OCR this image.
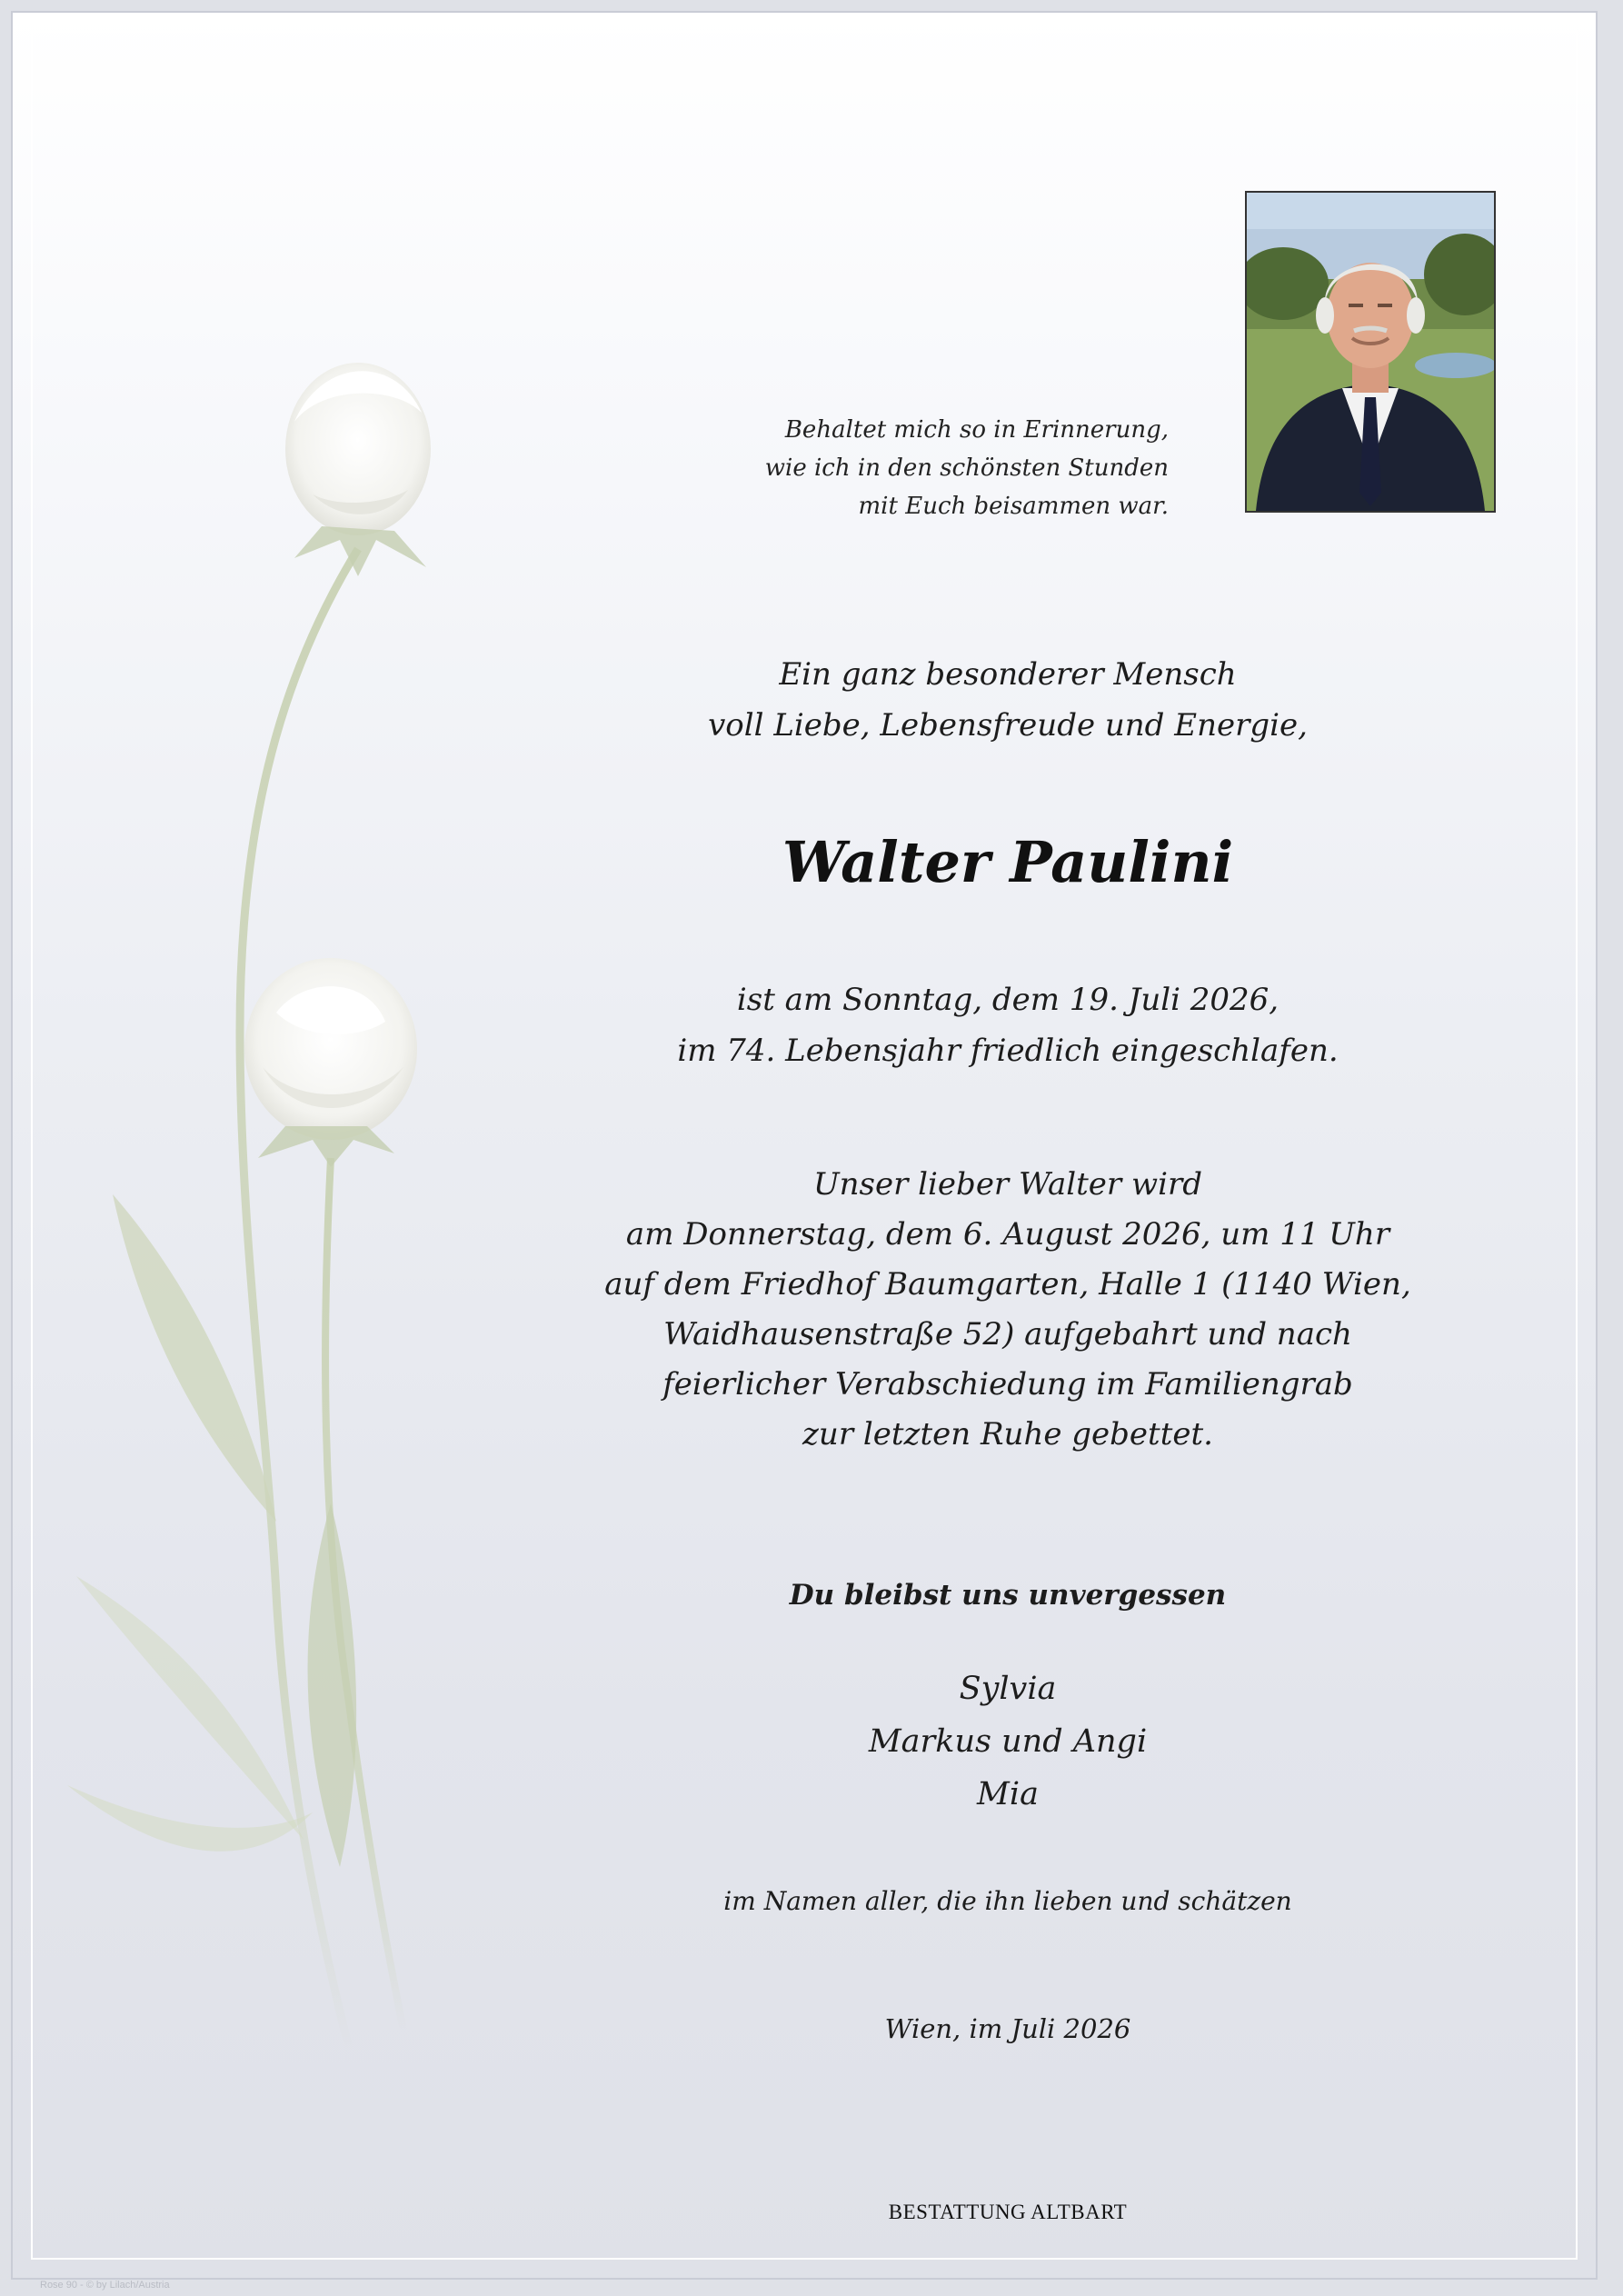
Behaltet mich so in Erinnerung,
wie ich in den schönsten Stunden
mit Euch beisammen war.
Ein ganz besonderer Mensch
voll Liebe, Lebensfreude und Energie,
Walter Paulini
ist am Sonntag, dem 19. Juli 2026,
im 74. Lebensjahr friedlich eingeschlafen.
Unser lieber Walter wird
am Donnerstag, dem 6. August 2026, um 11 Uhr
auf dem Friedhof Baumgarten, Halle 1 (1140 Wien,
Waidhausenstraße 52) aufgebahrt und nach
feierlicher Verabschiedung im Familiengrab
zur letzten Ruhe gebettet.
Du bleibst uns unvergessen
Sylvia
Markus und Angi
Mia
im Namen aller, die ihn lieben und schätzen
Wien, im Juli 2026
BESTATTUNG ALTBART
Rose 90 - © by Lilach/Austria
